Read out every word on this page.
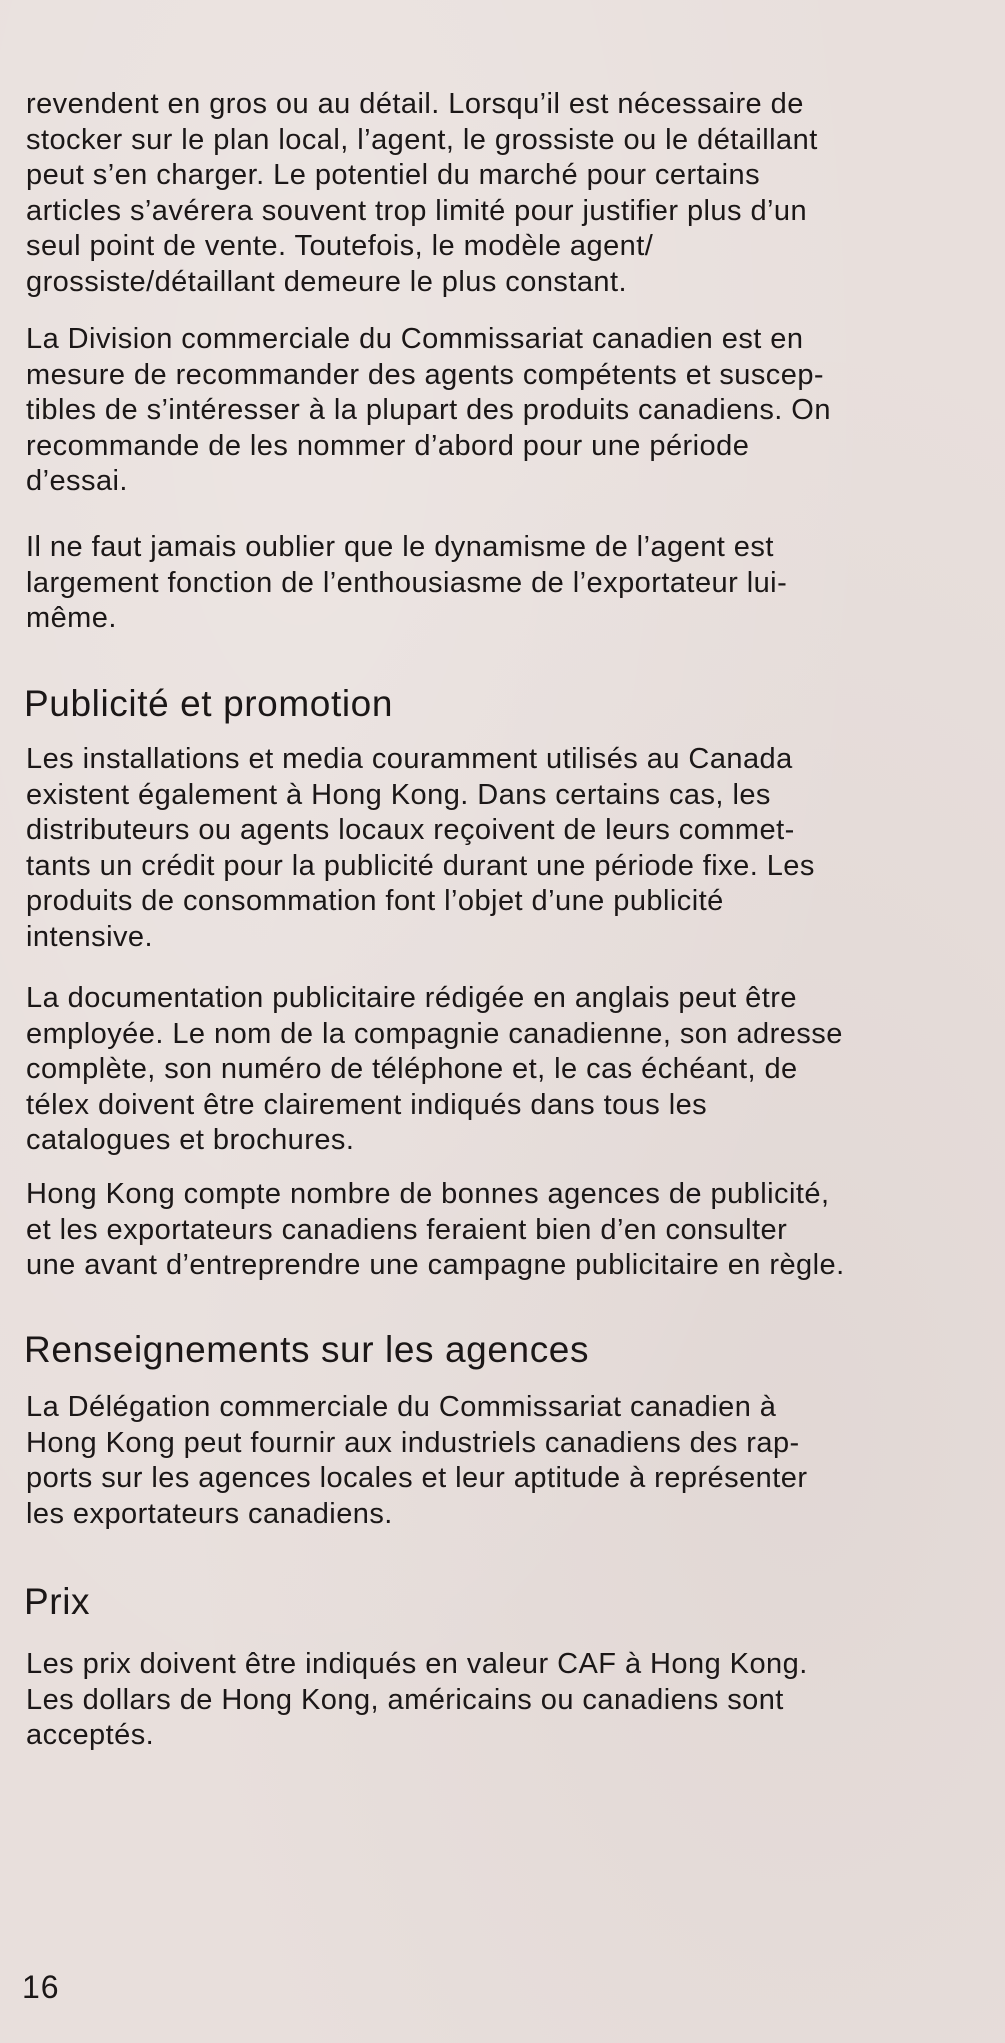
revendent en gros ou au détail. Lorsqu’il est nécessaire de
stocker sur le plan local, l’agent, le grossiste ou le détaillant
peut s’en charger. Le potentiel du marché pour certains
articles s’avérera souvent trop limité pour justifier plus d’un
seul point de vente. Toutefois, le modèle agent/
grossiste/détaillant demeure le plus constant.

La Division commerciale du Commissariat canadien est en
mesure de recommander des agents compétents et suscep-
tibles de s’intéresser à la plupart des produits canadiens. On
recommande de les nommer d’abord pour une période
d’essai.

Il ne faut jamais oublier que le dynamisme de l’agent est
largement fonction de l’enthousiasme de l’exportateur lui-
même.

Publicité et promotion

Les installations et media couramment utilisés au Canada
existent également à Hong Kong. Dans certains cas, les
distributeurs ou agents locaux reçoivent de leurs commet-
tants un crédit pour la publicité durant une période fixe. Les
produits de consommation font l’objet d’une publicité
intensive.

La documentation publicitaire rédigée en anglais peut être
employée. Le nom de la compagnie canadienne, son adresse
complète, son numéro de téléphone et, le cas échéant, de
télex doivent être clairement indiqués dans tous les
catalogues et brochures.

Hong Kong compte nombre de bonnes agences de publicité,
et les exportateurs canadiens feraient bien d’en consulter
une avant d’entreprendre une campagne publicitaire en règle.

Renseignements sur les agences

La Délégation commerciale du Commissariat canadien à
Hong Kong peut fournir aux industriels canadiens des rap-
ports sur les agences locales et leur aptitude à représenter
les exportateurs canadiens.

Prix

Les prix doivent être indiqués en valeur CAF à Hong Kong.
Les dollars de Hong Kong, américains ou canadiens sont
acceptés.

16
